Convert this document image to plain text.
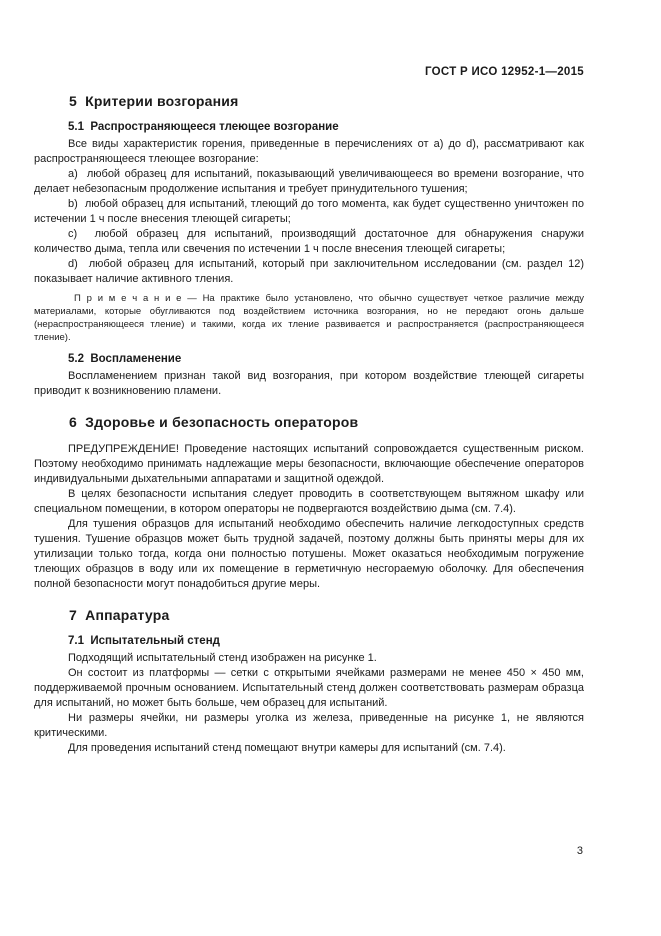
ГОСТ Р ИСО 12952-1—2015
5  Критерии возгорания
5.1  Распространяющееся тлеющее возгорание

Все виды характеристик горения, приведенные в перечислениях от a) до d), рассматривают как распространяющееся тлеющее возгорание:

a)  любой образец для испытаний, показывающий увеличивающееся во времени возгорание, что делает небезопасным продолжение испытания и требует принудительного тушения;

b)  любой образец для испытаний, тлеющий до того момента, как будет существенно уничтожен по истечении 1 ч после внесения тлеющей сигареты;

c)  любой образец для испытаний, производящий достаточное для обнаружения снаружи количество дыма, тепла или свечения по истечении 1 ч после внесения тлеющей сигареты;

d)  любой образец для испытаний, который при заключительном исследовании (см. раздел 12) показывает наличие активного тления.

П р и м е ч а н и е — На практике было установлено, что обычно существует четкое различие между материалами, которые обугливаются под воздействием источника возгорания, но не передают огонь дальше (нераспространяющееся тление) и такими, когда их тление развивается и распространяется (распространяющееся тление).

5.2  Воспламенение

Воспламенением признан такой вид возгорания, при котором воздействие тлеющей сигареты приводит к возникновению пламени.

6  Здоровье и безопасность операторов

ПРЕДУПРЕЖДЕНИЕ! Проведение настоящих испытаний сопровождается существенным риском. Поэтому необходимо принимать надлежащие меры безопасности, включающие обеспечение операторов индивидуальными дыхательными аппаратами и защитной одеждой.

В целях безопасности испытания следует проводить в соответствующем вытяжном шкафу или специальном помещении, в котором операторы не подвергаются воздействию дыма (см. 7.4).

Для тушения образцов для испытаний необходимо обеспечить наличие легкодоступных средств тушения. Тушение образцов может быть трудной задачей, поэтому должны быть приняты меры для их утилизации только тогда, когда они полностью потушены. Может оказаться необходимым погружение тлеющих образцов в воду или их помещение в герметичную несгораемую оболочку. Для обеспечения полной безопасности могут понадобиться другие меры.

7  Аппаратура
7.1  Испытательный стенд

Подходящий испытательный стенд изображен на рисунке 1.

Он состоит из платформы — сетки с открытыми ячейками размерами не менее 450 × 450 мм, поддерживаемой прочным основанием. Испытательный стенд должен соответствовать размерам образца для испытаний, но может быть больше, чем образец для испытаний.

Ни размеры ячейки, ни размеры уголка из железа, приведенные на рисунке 1, не являются критическими.

Для проведения испытаний стенд помещают внутри камеры для испытаний (см. 7.4).

3
